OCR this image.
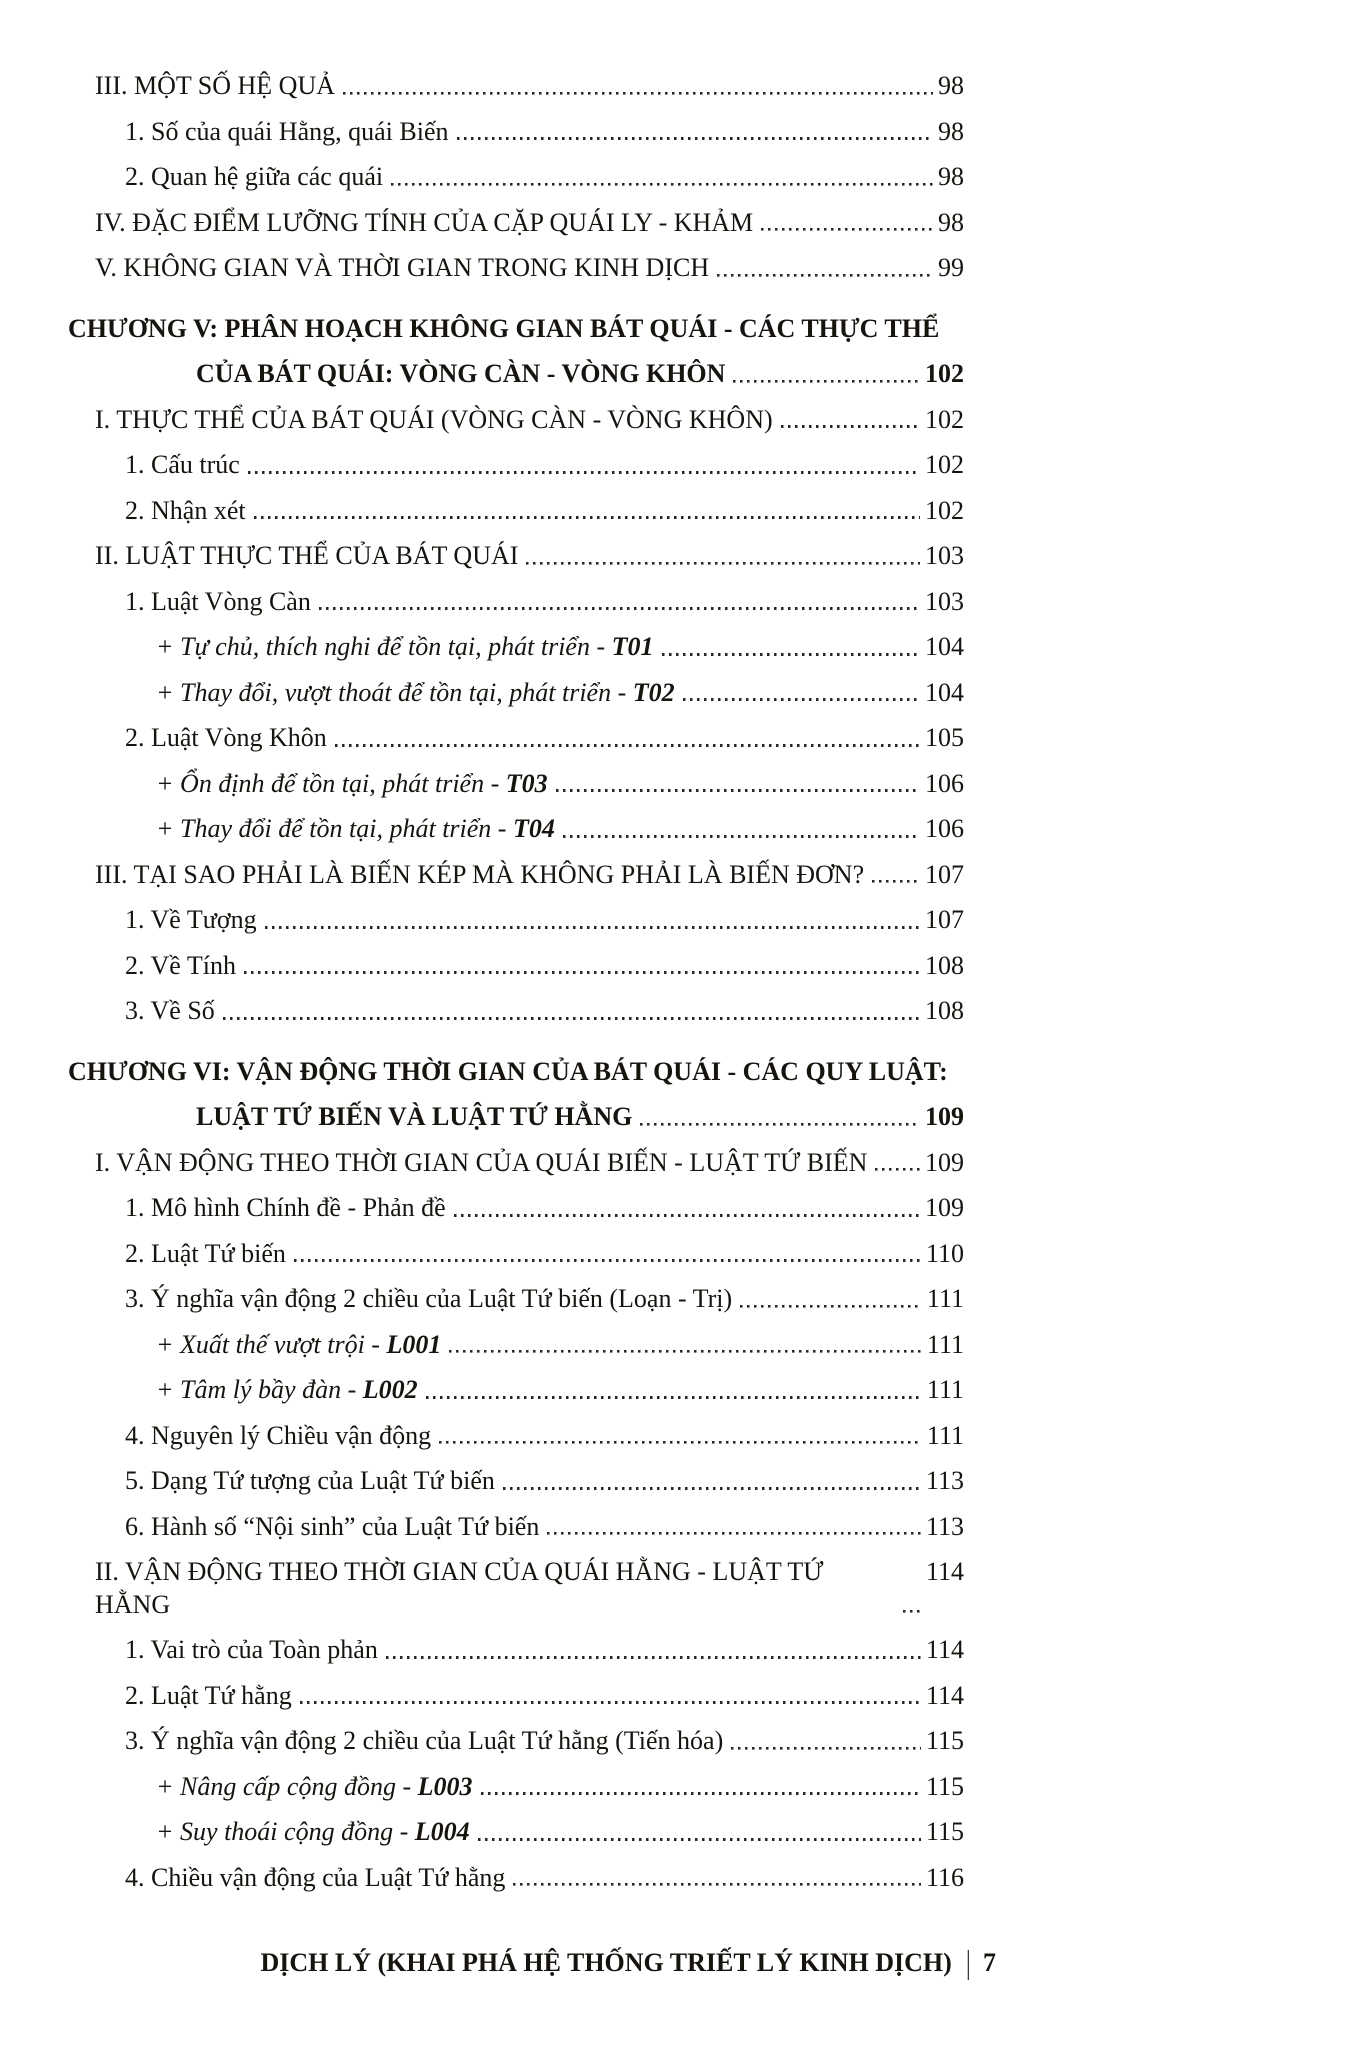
III. MỘT SỐ HỆ QUẢ	98
1. Số của quái Hằng, quái Biến	98
2. Quan hệ giữa các quái	98
IV. ĐẶC ĐIỂM LƯỠNG TÍNH CỦA CẶP QUÁI LY - KHẢM	98
V. KHÔNG GIAN VÀ THỜI GIAN TRONG KINH DỊCH	99
CHƯƠNG V: PHÂN HOẠCH KHÔNG GIAN BÁT QUÁI - CÁC THỰC THỂ
CỦA BÁT QUÁI: VÒNG CÀN - VÒNG KHÔN	102
I. THỰC THỂ CỦA BÁT QUÁI (VÒNG CÀN - VÒNG KHÔN)	102
1. Cấu trúc	102
2. Nhận xét	102
II. LUẬT THỰC THỂ CỦA BÁT QUÁI	103
1. Luật Vòng Càn	103
+ Tự chủ, thích nghi để tồn tại, phát triển - T01	104
+ Thay đổi, vượt thoát để tồn tại, phát triển - T02	104
2. Luật Vòng Khôn	105
+ Ổn định để tồn tại, phát triển - T03	106
+ Thay đổi để tồn tại, phát triển - T04	106
III. TẠI SAO PHẢI LÀ BIẾN KÉP MÀ KHÔNG PHẢI LÀ BIẾN ĐƠN? 107
1. Về Tượng	107
2. Về Tính	108
3. Về Số	108
CHƯƠNG VI: VẬN ĐỘNG THỜI GIAN CỦA BÁT QUÁI - CÁC QUY LUẬT:
LUẬT TỨ BIẾN VÀ LUẬT TỨ HẰNG	109
I. VẬN ĐỘNG THEO THỜI GIAN CỦA QUÁI BIẾN - LUẬT TỨ BIẾN 109
1. Mô hình Chính đề - Phản đề	109
2. Luật Tứ biến	110
3. Ý nghĩa vận động 2 chiều của Luật Tứ biến (Loạn - Trị)	111
+ Xuất thế vượt trội - L001	111
+ Tâm lý bầy đàn - L002	111
4. Nguyên lý Chiều vận động	111
5. Dạng Tứ tượng của Luật Tứ biến	113
6. Hành số “Nội sinh” của Luật Tứ biến	113
II. VẬN ĐỘNG THEO THỜI GIAN CỦA QUÁI HẰNG - LUẬT TỨ HẰNG
114
1. Vai trò của Toàn phản	114
2. Luật Tứ hằng	114
3. Ý nghĩa vận động 2 chiều của Luật Tứ hằng (Tiến hóa)	115
+ Nâng cấp cộng đồng - L003	115
+ Suy thoái cộng đồng - L004	115
4. Chiều vận động của Luật Tứ hằng	116
DỊCH LÝ (KHAI PHÁ HỆ THỐNG TRIẾT LÝ KINH DỊCH) | 7
